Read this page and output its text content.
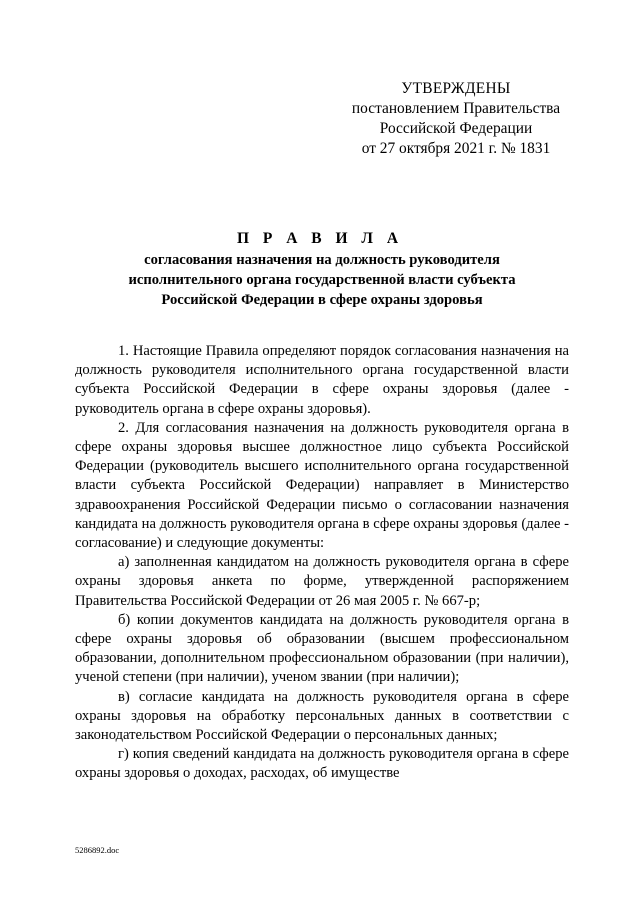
УТВЕРЖДЕНЫ
постановлением Правительства
Российской Федерации
от 27 октября 2021 г. № 1831
П Р А В И Л А
согласования назначения на должность руководителя исполнительного органа государственной власти субъекта Российской Федерации в сфере охраны здоровья

1. Настоящие Правила определяют порядок согласования назначения на должность руководителя исполнительного органа государственной власти субъекта Российской Федерации в сфере охраны здоровья (далее - руководитель органа в сфере охраны здоровья).

2. Для согласования назначения на должность руководителя органа в сфере охраны здоровья высшее должностное лицо субъекта Российской Федерации (руководитель высшего исполнительного органа государственной власти субъекта Российской Федерации) направляет в Министерство здравоохранения Российской Федерации письмо о согласовании назначения кандидата на должность руководителя органа в сфере охраны здоровья (далее - согласование) и следующие документы:

а) заполненная кандидатом на должность руководителя органа в сфере охраны здоровья анкета по форме, утвержденной распоряжением Правительства Российской Федерации от 26 мая 2005 г. № 667-р;

б) копии документов кандидата на должность руководителя органа в сфере охраны здоровья об образовании (высшем профессиональном образовании, дополнительном профессиональном образовании (при наличии), ученой степени (при наличии), ученом звании (при наличии);

в) согласие кандидата на должность руководителя органа в сфере охраны здоровья на обработку персональных данных в соответствии с законодательством Российской Федерации о персональных данных;

г) копия сведений кандидата на должность руководителя органа в сфере охраны здоровья о доходах, расходах, об имуществе

5286892.doc
